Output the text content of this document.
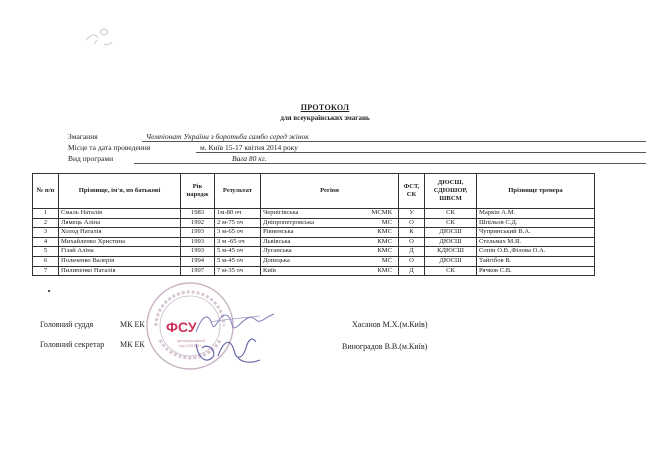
ПРОТОКОЛ
для всеукраїнських змагань
Змагання	Чемпіонат України з боротьби самбо серед жінок
Місце та дата проведення	м. Київ 15-17 квітня 2014 року
Вид програми	Вага 80 кг.
№ п/п	Прізвище, ім'я, по батькові	Рік народж	Результат	Регіон	ФСТ, СК	ДЮСШ, СДЮШОР, ШВСМ	Прізвище тренера
1	Смаль Наталія	1983	1м-80 оч	Чернігівська МСМК	У	СК	Маркін А.М.
2	Лямець Аліна	1992	2 м-75 оч	Дніпропетровська МС	О	СК	Шпільов С.Д.
3	Холод Наталія	1993	3 м-65 оч	Рівненська КМС	К	ДЮСШ	Чупринський В.А.
4	Михайленко Христина	1993	3 м -65 оч	Львівська КМС	О	ДЮСШ	Стельмах М.Я.
5	Гізай Аліна	1993	5 м-45 оч	Луганська КМС	Д	КДЮСШ	Сопін О.В.,Філова О.А.
6	Польченко Валерія	1994	5 м-45 оч	Донецька МС	О	ДЮСШ	Тайгібов В.
7	Пилипенко Наталія	1997	7 м-35 оч	Київ КМС	Д	СК	Рячков С.В.
ФСУ
ідентифікаційний
код 34351387
Головний суддя	МК ЕК	Хасанов М.Х.(м.Київ)
Головний секретар МК ЕК	Виноградов В.В.(м.Київ)
